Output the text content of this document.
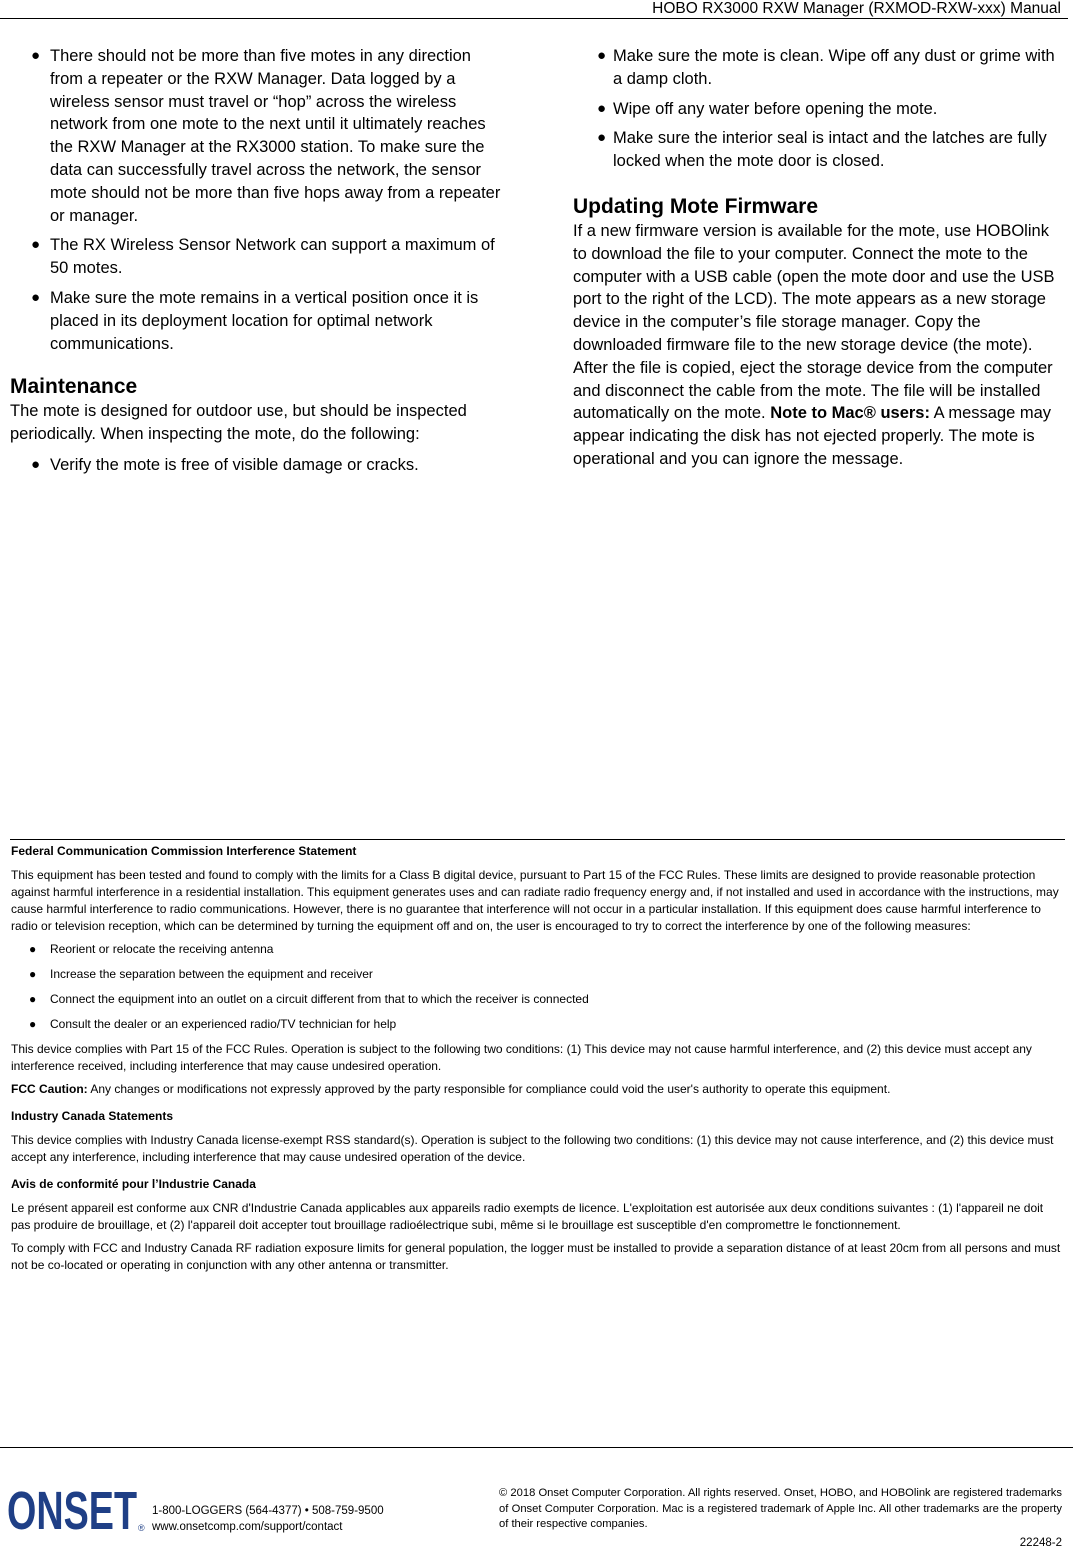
HOBO RX3000 RXW Manager (RXMOD-RXW-xxx) Manual
● There should not be more than five motes in any direction from a repeater or the RXW Manager. Data logged by a wireless sensor must travel or “hop” across the wireless network from one mote to the next until it ultimately reaches the RXW Manager at the RX3000 station. To make sure the data can successfully travel across the network, the sensor mote should not be more than five hops away from a repeater or manager.
● The RX Wireless Sensor Network can support a maximum of 50 motes.
● Make sure the mote remains in a vertical position once it is placed in its deployment location for optimal network communications.
Maintenance

The mote is designed for outdoor use, but should be inspected periodically. When inspecting the mote, do the following:

● Verify the mote is free of visible damage or cracks.
● Make sure the mote is clean. Wipe off any dust or grime with a damp cloth.
● Wipe off any water before opening the mote.
● Make sure the interior seal is intact and the latches are fully locked when the mote door is closed.
Updating Mote Firmware

If a new firmware version is available for the mote, use HOBOlink to download the file to your computer. Connect the mote to the computer with a USB cable (open the mote door and use the USB port to the right of the LCD). The mote appears as a new storage device in the computer’s file storage manager. Copy the downloaded firmware file to the new storage device (the mote). After the file is copied, eject the storage device from the computer and disconnect the cable from the mote. The file will be installed automatically on the mote. Note to Mac® users: A message may appear indicating the disk has not ejected properly. The mote is operational and you can ignore the message.

Federal Communication Commission Interference Statement

This equipment has been tested and found to comply with the limits for a Class B digital device, pursuant to Part 15 of the FCC Rules. These limits are designed to provide reasonable protection against harmful interference in a residential installation. This equipment generates uses and can radiate radio frequency energy and, if not installed and used in accordance with the instructions, may cause harmful interference to radio communications. However, there is no guarantee that interference will not occur in a particular installation. If this equipment does cause harmful interference to radio or television reception, which can be determined by turning the equipment off and on, the user is encouraged to try to correct the interference by one of the following measures:

● Reorient or relocate the receiving antenna
● Increase the separation between the equipment and receiver
● Connect the equipment into an outlet on a circuit different from that to which the receiver is connected
● Consult the dealer or an experienced radio/TV technician for help

This device complies with Part 15 of the FCC Rules. Operation is subject to the following two conditions: (1) This device may not cause harmful interference, and (2) this device must accept any interference received, including interference that may cause undesired operation.

FCC Caution: Any changes or modifications not expressly approved by the party responsible for compliance could void the user's authority to operate this equipment.

Industry Canada Statements

This device complies with Industry Canada license-exempt RSS standard(s). Operation is subject to the following two conditions: (1) this device may not cause interference, and (2) this device must accept any interference, including interference that may cause undesired operation of the device.

Avis de conformité pour l’Industrie Canada

Le présent appareil est conforme aux CNR d'Industrie Canada applicables aux appareils radio exempts de licence. L'exploitation est autorisée aux deux conditions suivantes : (1) l'appareil ne doit pas produire de brouillage, et (2) l'appareil doit accepter tout brouillage radioélectrique subi, même si le brouillage est susceptible d'en compromettre le fonctionnement.

To comply with FCC and Industry Canada RF radiation exposure limits for general population, the logger must be installed to provide a separation distance of at least 20cm from all persons and must not be co-located or operating in conjunction with any other antenna or transmitter.

ONSET ®
1-800-LOGGERS (564-4377) • 508-759-9500
www.onsetcomp.com/support/contact
© 2018 Onset Computer Corporation. All rights reserved. Onset, HOBO, and HOBOlink are registered trademarks of Onset Computer Corporation. Mac is a registered trademark of Apple Inc. All other trademarks are the property of their respective companies.
22248-2
